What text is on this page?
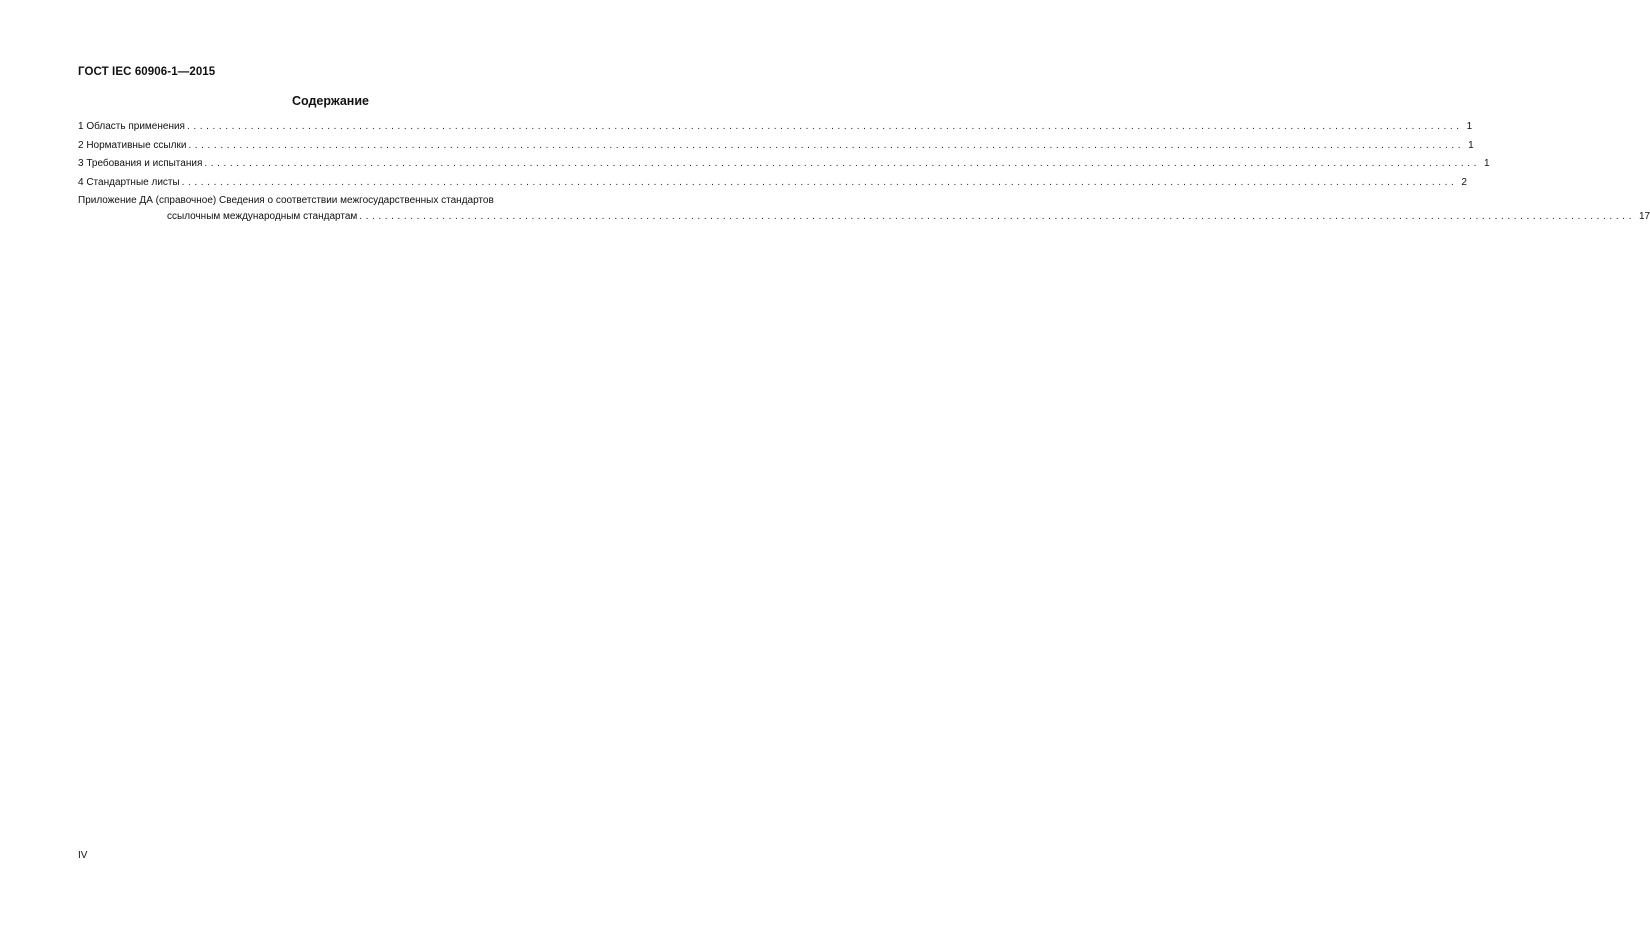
ГОСТ IEC 60906-1—2015
Содержание
1 Область применения ........................................................................................................................................................................................................ 1
2 Нормативные ссылки ........................................................................................................................................................................................................ 1
3 Требования и испытания ........................................................................................................................................................................................................ 1
4 Стандартные листы ........................................................................................................................................................................................................ 2
Приложение ДА (справочное) Сведения о соответствии межгосударственных стандартов
ссылочным международным стандартам ........................................................................................................................................................................................................ 17
IV
